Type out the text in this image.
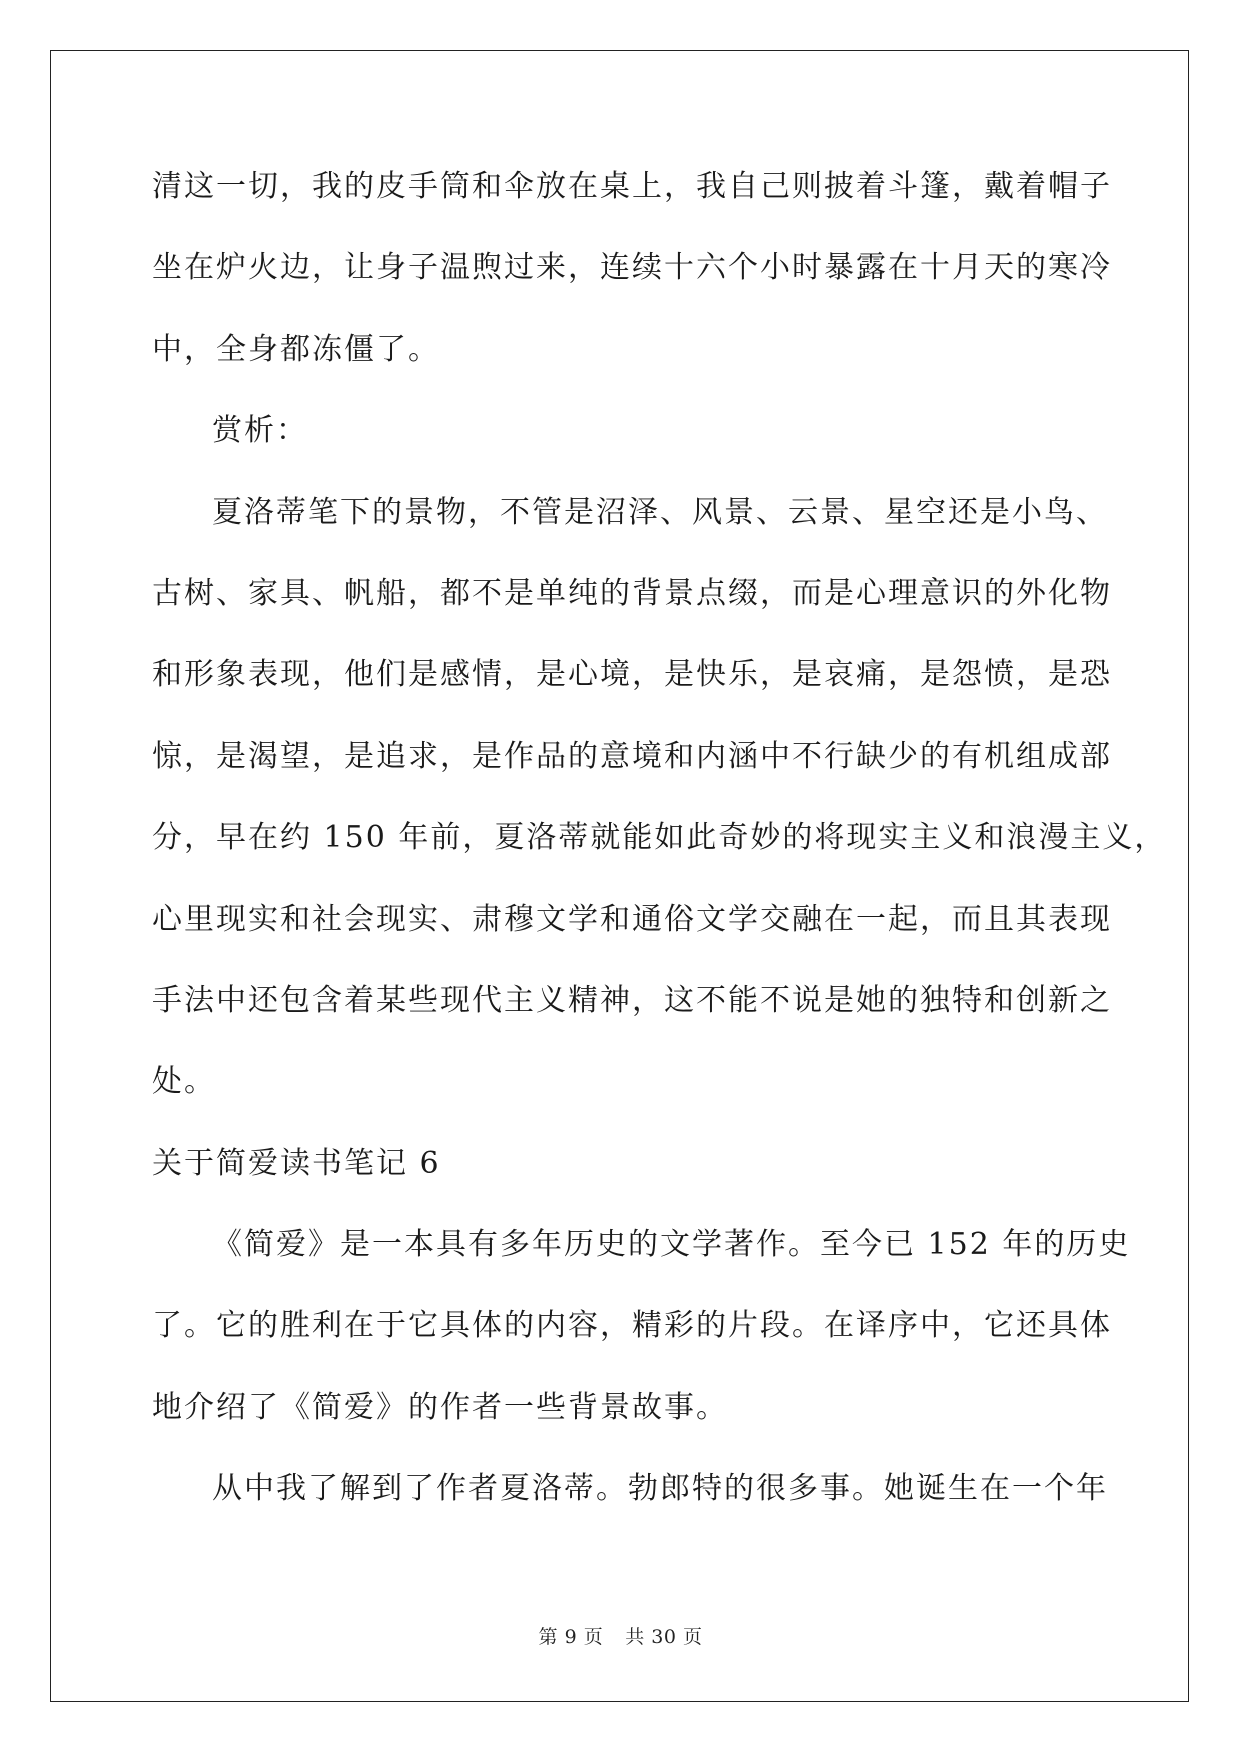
清这一切，我的皮手筒和伞放在桌上，我自己则披着斗篷，戴着帽子

坐在炉火边，让身子温煦过来，连续十六个小时暴露在十月天的寒冷

中，全身都冻僵了。

赏析：

夏洛蒂笔下的景物，不管是沼泽、风景、云景、星空还是小鸟、

古树、家具、帆船，都不是单纯的背景点缀，而是心理意识的外化物

和形象表现，他们是感情，是心境，是快乐，是哀痛，是怨愤，是恐

惊，是渴望，是追求，是作品的意境和内涵中不行缺少的有机组成部

分，早在约 150 年前，夏洛蒂就能如此奇妙的将现实主义和浪漫主义，

心里现实和社会现实、肃穆文学和通俗文学交融在一起，而且其表现

手法中还包含着某些现代主义精神，这不能不说是她的独特和创新之

处。

关于简爱读书笔记 6

《简爱》是一本具有多年历史的文学著作。至今已 152 年的历史

了。它的胜利在于它具体的内容，精彩的片段。在译序中，它还具体

地介绍了《简爱》的作者一些背景故事。

从中我了解到了作者夏洛蒂。勃郎特的很多事。她诞生在一个年

第 9 页 共 30 页
